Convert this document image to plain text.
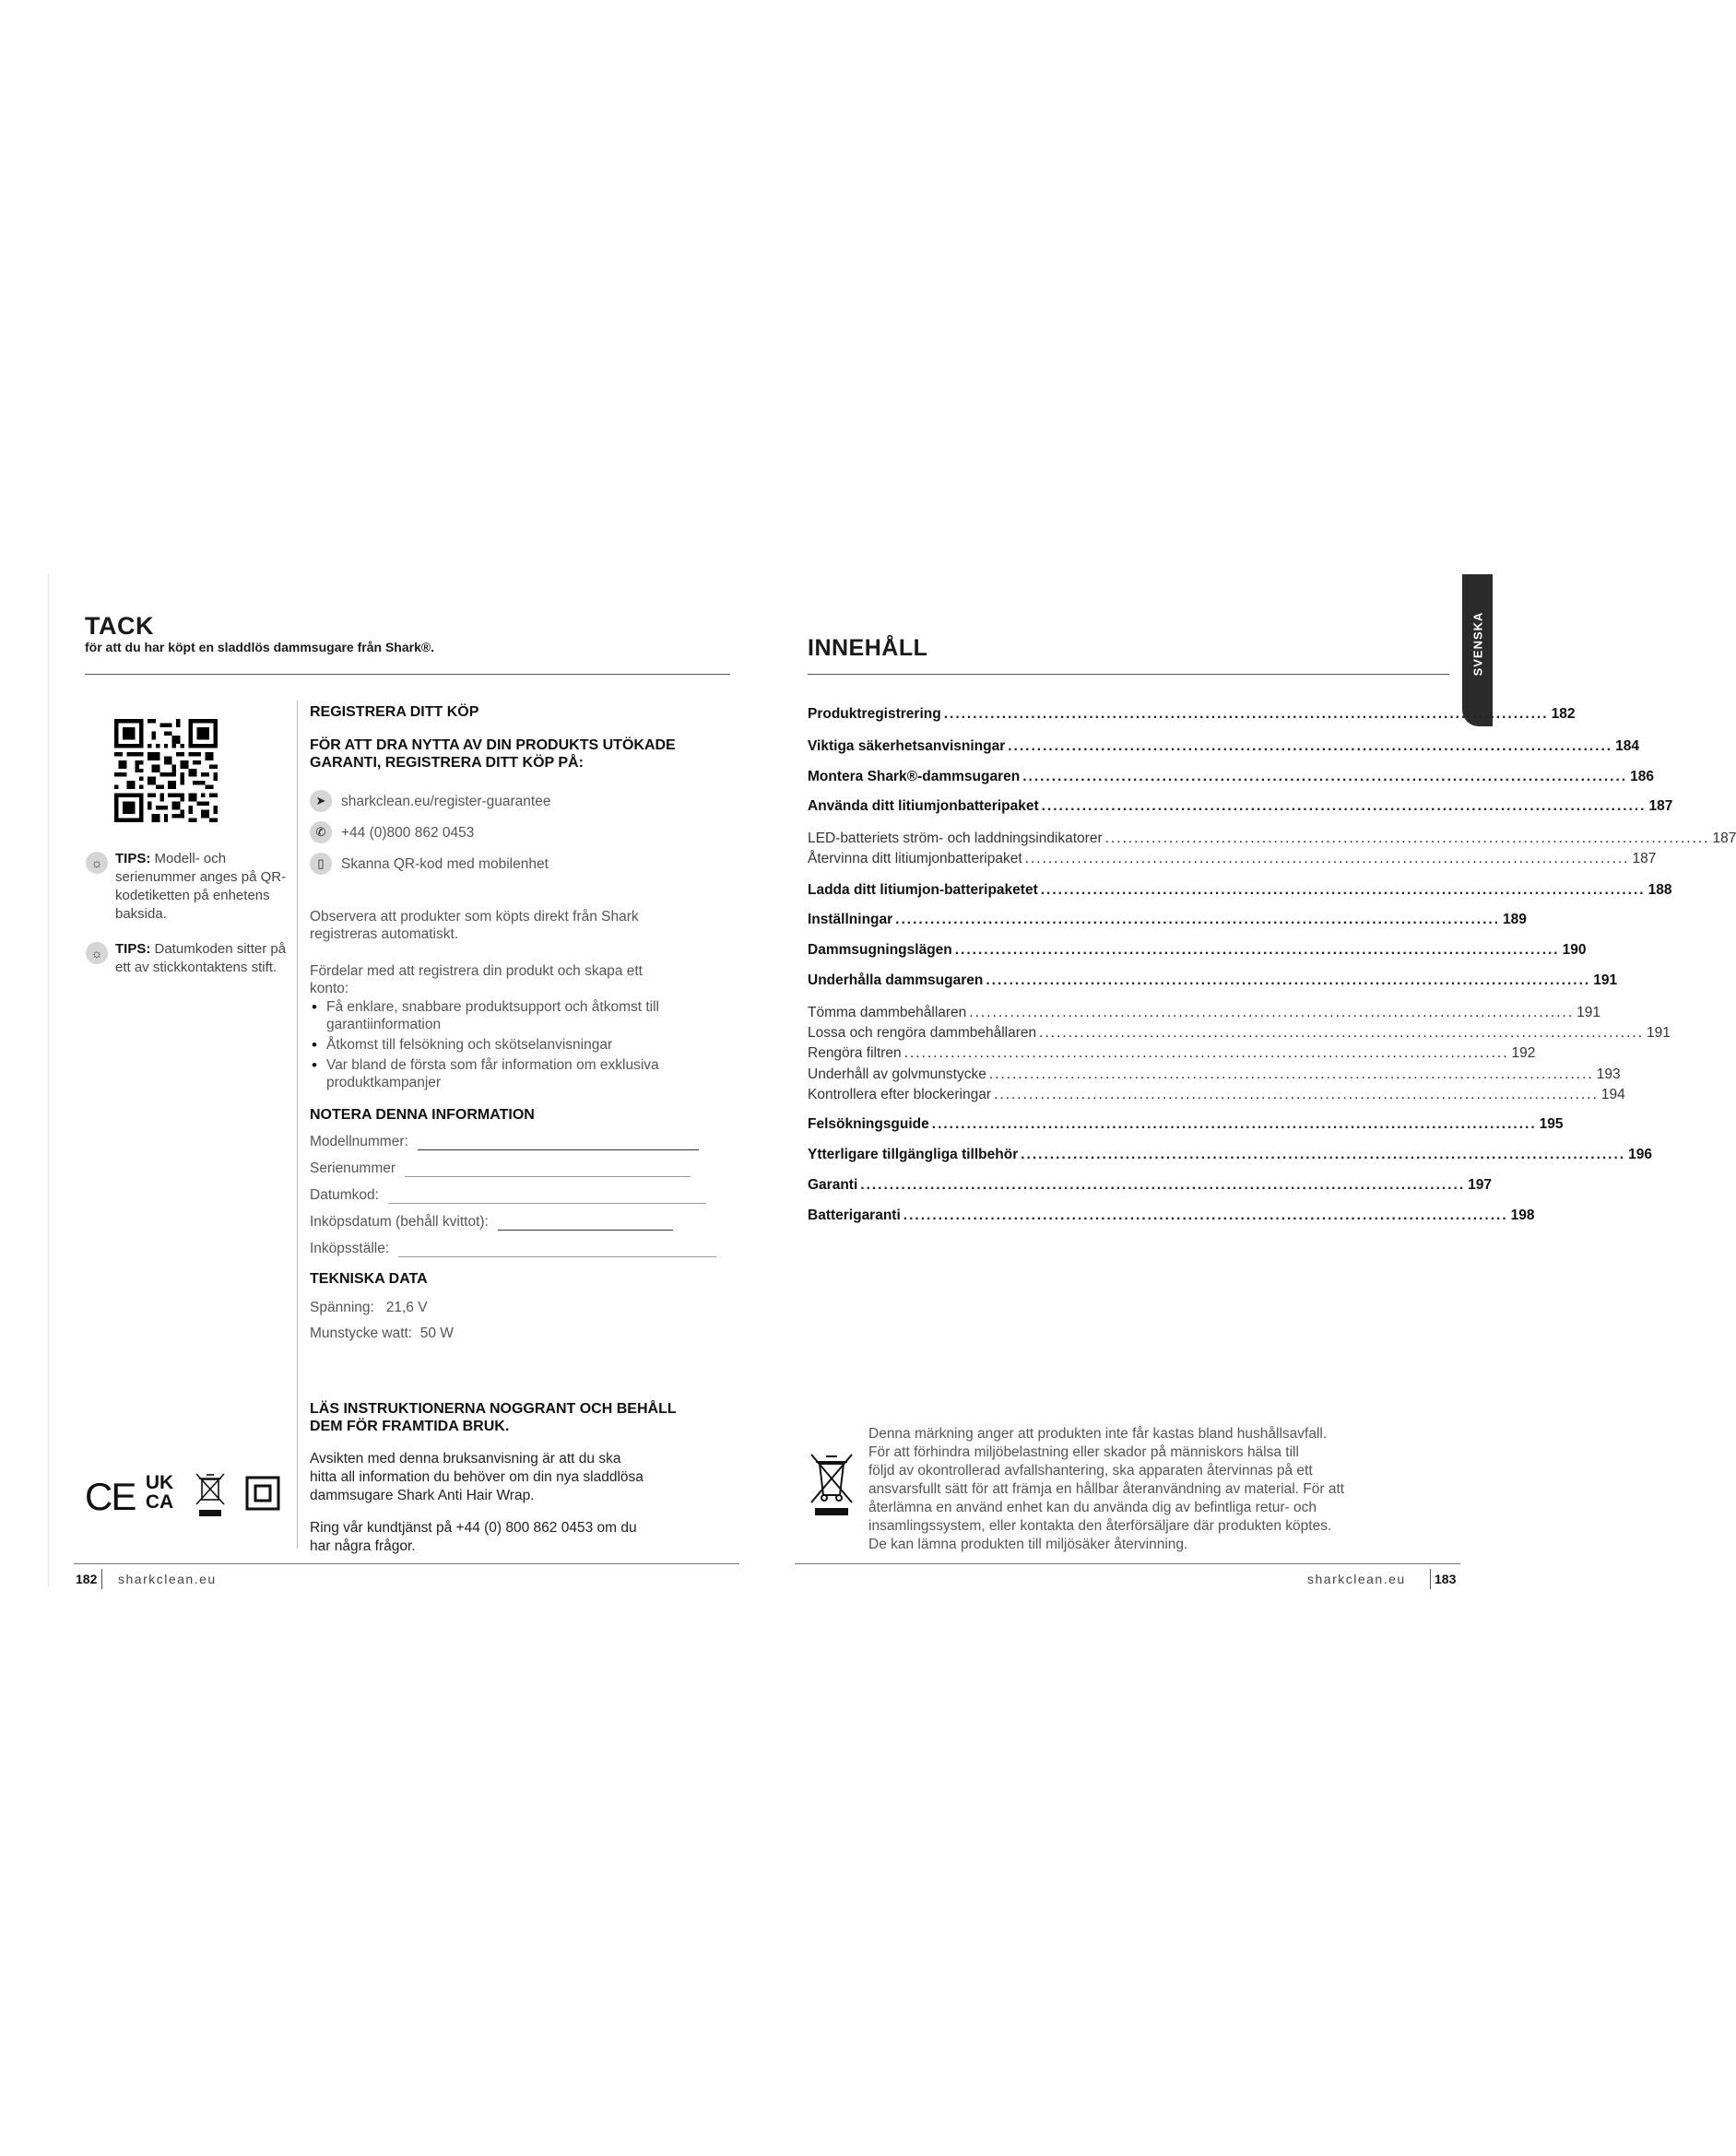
TACK
för att du har köpt en sladdlös dammsugare från Shark®.
☼ TIPS: Modell- och serienummer anges på QR-kodetiketten på enhetens baksida.
☼ TIPS: Datumkoden sitter på ett av stickkontaktens stift.
REGISTRERA DITT KÖP
FÖR ATT DRA NYTTA AV DIN PRODUKTS UTÖKADE
GARANTI, REGISTRERA DITT KÖP PÅ:
➤	sharkclean.eu/register-guarantee
✆	+44 (0)800 862 0453
▯	Skanna QR-kod med mobilenhet
Observera att produkter som köpts direkt från Shark
registreras automatiskt.
Fördelar med att registrera din produkt och skapa ett
konto:
• Få enklare, snabbare produktsupport och åtkomst till garantiinformation
• Åtkomst till felsökning och skötselanvisningar
• Var bland de första som får information om exklusiva produktkampanjer
NOTERA DENNA INFORMATION
Modellnummer:
Serienummer
Datumkod:
Inköpsdatum (behåll kvittot):
Inköpsställe:
TEKNISKA DATA
Spänning:   21,6 V
Munstycke watt:  50 W
LÄS INSTRUKTIONERNA NOGGRANT OCH BEHÅLL
DEM FÖR FRAMTIDA BRUK.
Avsikten med denna bruksanvisning är att du ska
hitta all information du behöver om din nya sladdlösa
dammsugare Shark Anti Hair Wrap.
Ring vår kundtjänst på +44 (0) 800 862 0453 om du
har några frågor.
CE UK
CA
182 sharkclean.eu
SVENSKA
INNEHÅLL
Produktregistrering ........................................................................................................ 182
Viktiga säkerhetsanvisningar ........................................................................................................ 184
Montera Shark®-dammsugaren ........................................................................................................ 186
Använda ditt litiumjonbatteripaket ........................................................................................................ 187
LED-batteriets ström- och laddningsindikatorer ........................................................................................................ 187
Återvinna ditt litiumjonbatteripaket ........................................................................................................ 187
Ladda ditt litiumjon-batteripaketet ........................................................................................................ 188
Inställningar ........................................................................................................ 189
Dammsugningslägen ........................................................................................................ 190
Underhålla dammsugaren ........................................................................................................ 191
Tömma dammbehållaren ........................................................................................................ 191
Lossa och rengöra dammbehållaren ........................................................................................................ 191
Rengöra filtren ........................................................................................................ 192
Underhåll av golvmunstycke ........................................................................................................ 193
Kontrollera efter blockeringar ........................................................................................................ 194
Felsökningsguide ........................................................................................................ 195
Ytterligare tillgängliga tillbehör ........................................................................................................ 196
Garanti ........................................................................................................ 197
Batterigaranti ........................................................................................................ 198
Denna märkning anger att produkten inte får kastas bland hushållsavfall.
För att förhindra miljöbelastning eller skador på människors hälsa till
följd av okontrollerad avfallshantering, ska apparaten återvinnas på ett
ansvarsfullt sätt för att främja en hållbar återanvändning av material. För att
återlämna en använd enhet kan du använda dig av befintliga retur- och
insamlingssystem, eller kontakta den återförsäljare där produkten köptes.
De kan lämna produkten till miljösäker återvinning.
sharkclean.eu 183
